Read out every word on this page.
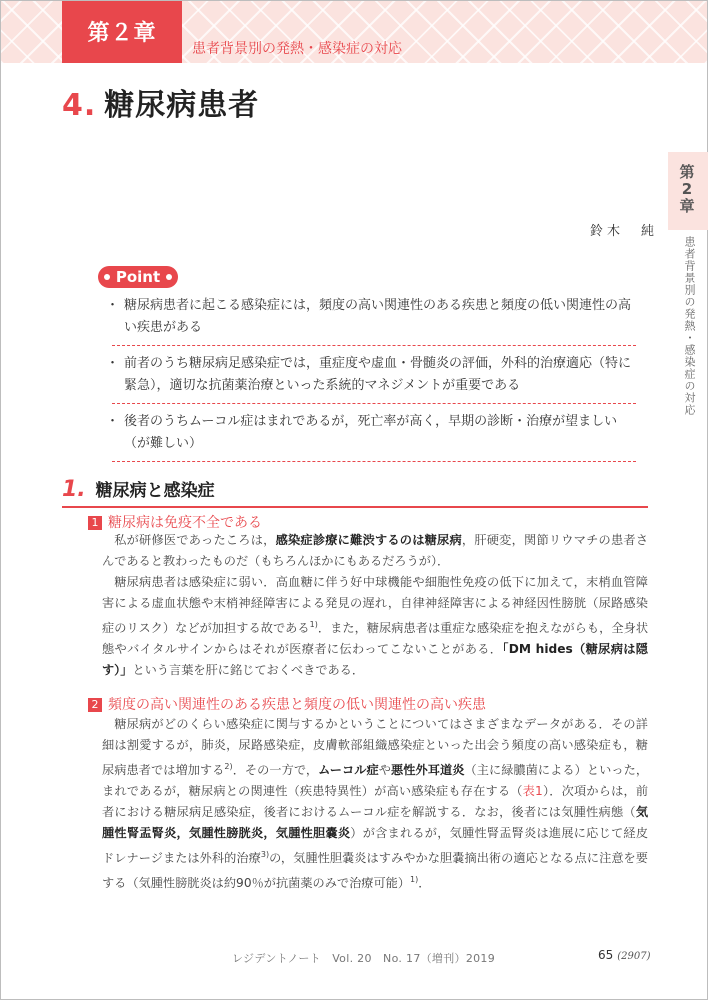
第２章
患者背景別の発熱・感染症の対応
4. 糖尿病患者
第2章
患者背景別の発熱・感染症の対応
鈴木　純
Point
・ 糖尿病患者に起こる感染症には，頻度の高い関連性のある疾患と頻度の低い関連性の高い疾患がある
・ 前者のうち糖尿病足感染症では，重症度や虚血・骨髄炎の評価，外科的治療適応（特に緊急），適切な抗菌薬治療といった系統的マネジメントが重要である
・ 後者のうちムーコル症はまれであるが，死亡率が高く，早期の診断・治療が望ましい（が難しい）
1. 糖尿病と感染症
1 糖尿病は免疫不全である
私が研修医であったころは，感染症診療に難渋するのは糖尿病，肝硬変，関節リウマチの患者さんであると教わったものだ（もちろんほかにもあるだろうが）．
糖尿病患者は感染症に弱い．高血糖に伴う好中球機能や細胞性免疫の低下に加えて，末梢血管障害による虚血状態や末梢神経障害による発見の遅れ，自律神経障害による神経因性膀胱（尿路感染症のリスク）などが加担する故である$^{1)}$．また，糖尿病患者は重症な感染症を抱えながらも，全身状態やバイタルサインからはそれが医療者に伝わってこないことがある．「DM hides（糖尿病は隠す）」という言葉を肝に銘じておくべきである．
2 頻度の高い関連性のある疾患と頻度の低い関連性の高い疾患
糖尿病がどのくらい感染症に関与するかということについてはさまざまなデータがある．その詳細は割愛するが，肺炎，尿路感染症，皮膚軟部組織感染症といった出会う頻度の高い感染症も，糖尿病患者では増加する$^{2)}$．その一方で，ムーコル症や悪性外耳道炎（主に緑膿菌による）といった，まれであるが，糖尿病との関連性（疾患特異性）が高い感染症も存在する（表1）．次項からは，前者における糖尿病足感染症，後者におけるムーコル症を解説する．なお，後者には気腫性病態（気腫性腎盂腎炎，気腫性膀胱炎，気腫性胆嚢炎）が含まれるが，気腫性腎盂腎炎は進展に応じて経皮ドレナージまたは外科的治療$^{3)}$の，気腫性胆嚢炎はすみやかな胆嚢摘出術の適応となる点に注意を要する（気腫性膀胱炎は約90％が抗菌薬のみで治療可能）$^{1)}$．
レジデントノート　Vol. 20　No. 17（増刊）2019	65 (2907)
